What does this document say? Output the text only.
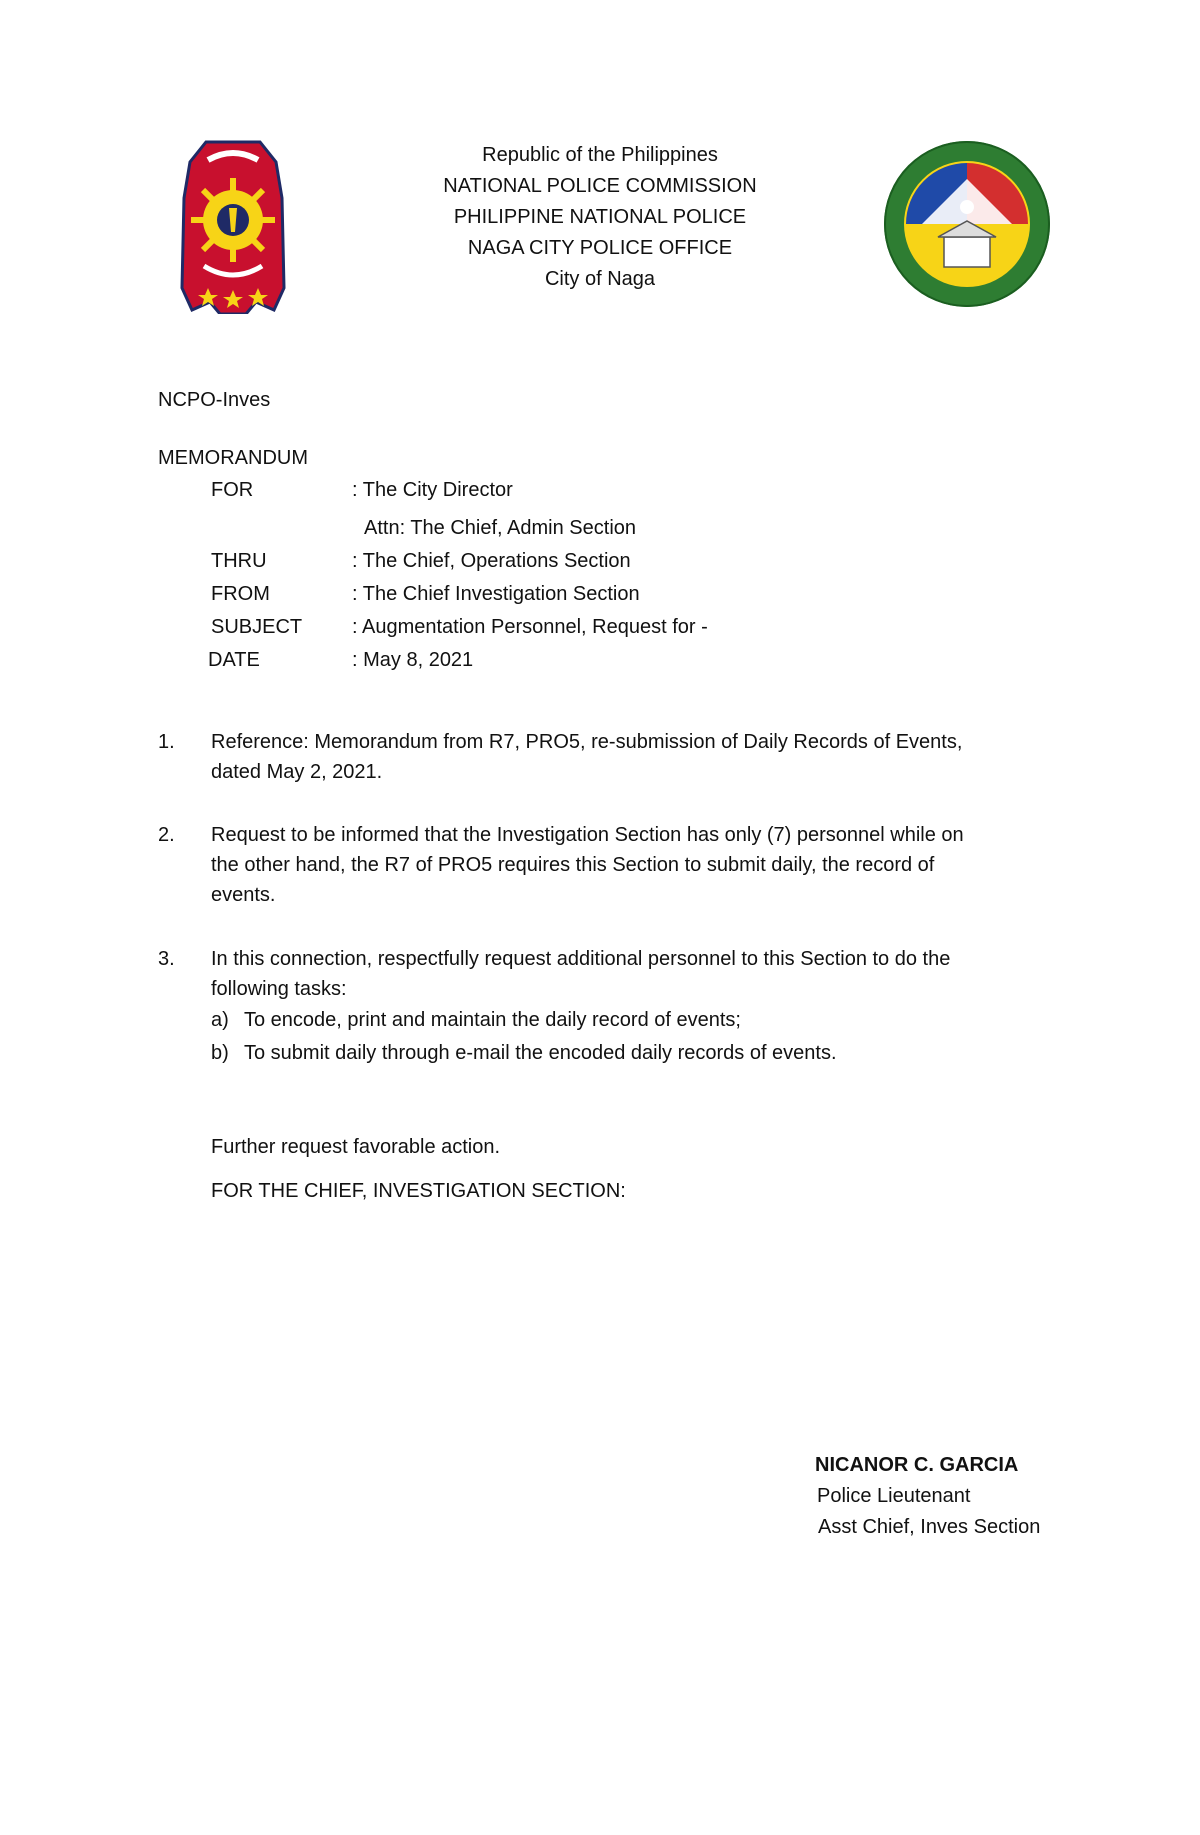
Republic of the Philippines
NATIONAL POLICE COMMISSION
PHILIPPINE NATIONAL POLICE
NAGA CITY POLICE OFFICE
City of Naga
NCPO-Inves
MEMORANDUM
FOR	: The City Director
Attn: The Chief, Admin Section
THRU	: The Chief, Operations Section
FROM	: The Chief Investigation Section
SUBJECT : Augmentation Personnel, Request for -
DATE	: May 8, 2021
1. Reference: Memorandum from R7, PRO5, re-submission of Daily Records of Events,
dated May 2, 2021.
2. Request to be informed that the Investigation Section has only (7) personnel while on
the other hand, the R7 of PRO5 requires this Section to submit daily, the record of
events.
3. In this connection, respectfully request additional personnel to this Section to do the
following tasks:
a) To encode, print and maintain the daily record of events;
b) To submit daily through e-mail the encoded daily records of events.
Further request favorable action.
FOR THE CHIEF, INVESTIGATION SECTION:
NICANOR C. GARCIA
Police Lieutenant
Asst Chief, Inves Section
